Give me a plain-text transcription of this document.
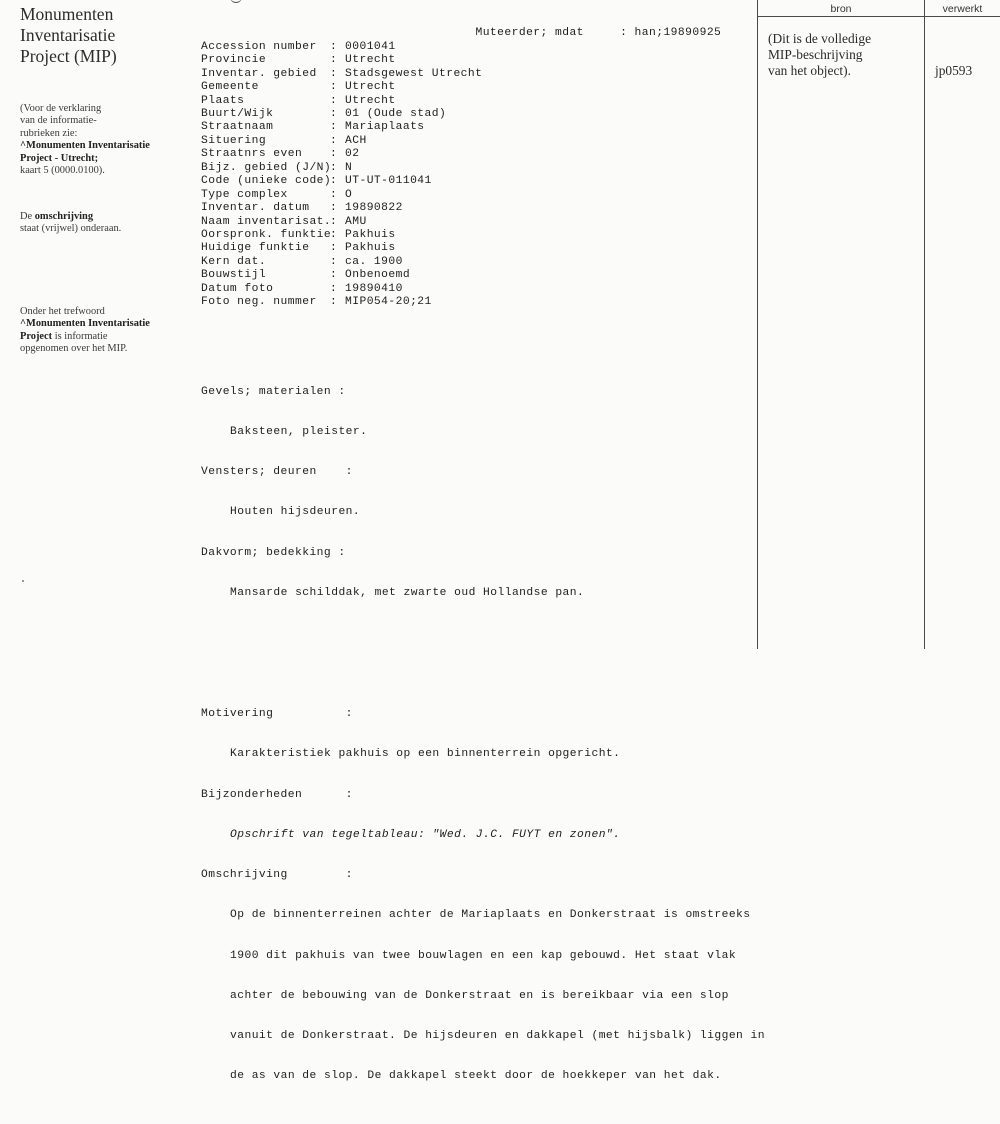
Monumenten
Inventarisatie
Project (MIP)
(Voor de verklaring
van de informatie-
rubrieken zie:
^Monumenten Inventarisatie
Project - Utrecht;
kaart 5 (0000.0100).
De omschrijving
staat (vrijwel) onderaan.
Onder het trefwoord
^Monumenten Inventarisatie
Project is informatie
opgenomen over het MIP.

Accession number : 0001041
Provincie	: Utrecht
Inventar. gebied : Stadsgewest Utrecht
Gemeente	: Utrecht
Plaats	: Utrecht
Buurt/Wijk	: 01 (Oude stad)
Straatnaam	: Mariaplaats
Situering	: ACH
Straatnrs even : 02
Bijz. gebied (J/N): N
Code (unieke code): UT-UT-011041
Type complex	: O
Inventar. datum : 19890822
Naam inventarisat.: AMU
Oorspronk. funktie: Pakhuis
Huidige funktie : Pakhuis
Kern dat.	: ca. 1900
Bouwstijl	: Onbenoemd
Datum foto	: 19890410
Foto neg. nummer : MIP054-20;21

Gevels; materialen :

Baksteen, pleister.

Vensters; deuren    :

Houten hijsdeuren.

Dakvorm; bedekking :

Mansarde schilddak, met zwarte oud Hollandse pan.

Motivering          :

Karakteristiek pakhuis op een binnenterrein opgericht.

Bijzonderheden      :

Opschrift van tegeltableau: "Wed. J.C. FUYT en zonen".

Omschrijving        :

Op de binnenterreinen achter de Mariaplaats en Donkerstraat is omstreeks

1900 dit pakhuis van twee bouwlagen en een kap gebouwd. Het staat vlak

achter de bebouwing van de Donkerstraat en is bereikbaar via een slop

vanuit de Donkerstraat. De hijsdeuren en dakkapel (met hijsbalk) liggen in

de as van de slop. De dakkapel steekt door de hoekkeper van het dak.

Muteerder; mdat     : han;19890925

bron	verwerkt
(Dit is de volledige
MIP-beschrijving
van het object).	jp0593
